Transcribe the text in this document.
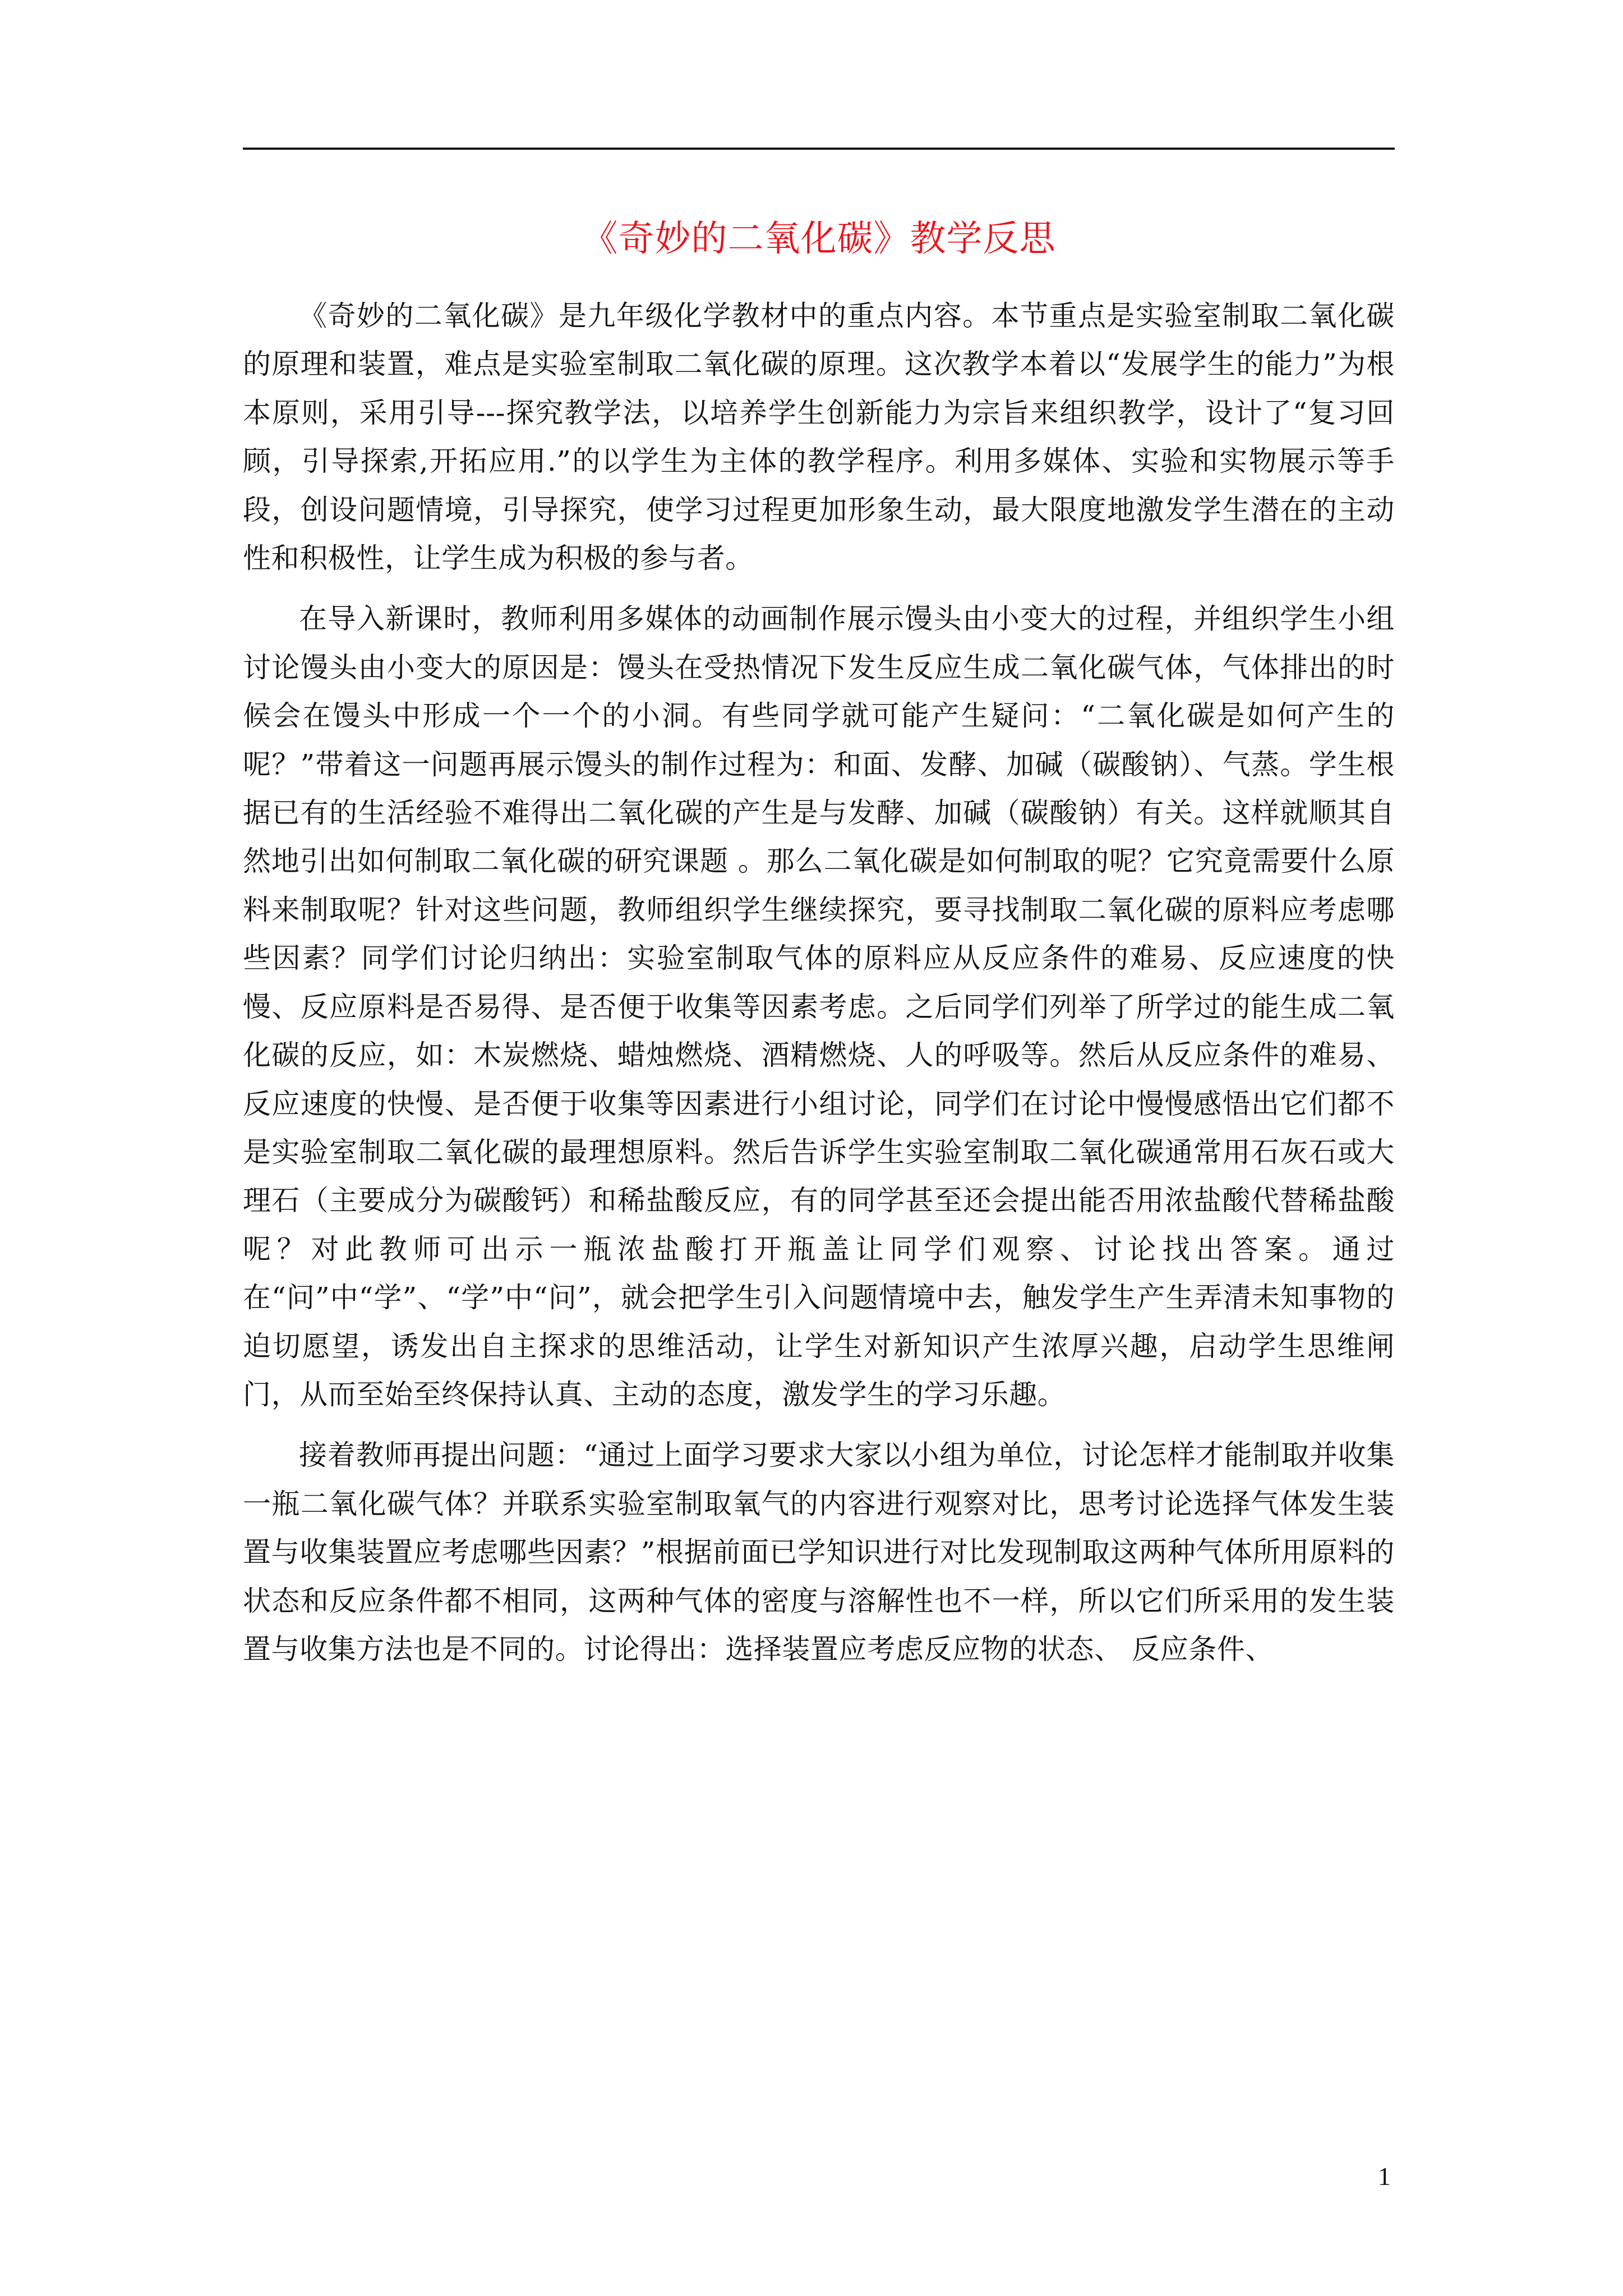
《奇妙的二氧化碳》教学反思

《奇妙的二氧化碳》是九年级化学教材中的重点内容。本节重点是实验室制取二氧化碳的原理和装置，难点是实验室制取二氧化碳的原理。这次教学本着以“发展学生的能力”为根本原则，采用引导---探究教学法，以培养学生创新能力为宗旨来组织教学，设计了“复习回顾，引导探索,开拓应用.”的以学生为主体的教学程序。利用多媒体、实验和实物展示等手段，创设问题情境，引导探究，使学习过程更加形象生动，最大限度地激发学生潜在的主动性和积极性，让学生成为积极的参与者。

在导入新课时，教师利用多媒体的动画制作展示馒头由小变大的过程，并组织学生小组讨论馒头由小变大的原因是：馒头在受热情况下发生反应生成二氧化碳气体，气体排出的时候会在馒头中形成一个一个的小洞。有些同学就可能产生疑问：“二氧化碳是如何产生的呢？”带着这一问题再展示馒头的制作过程为：和面、发酵、加碱（碳酸钠）、气蒸。学生根据已有的生活经验不难得出二氧化碳的产生是与发酵、加碱（碳酸钠）有关。这样就顺其自然地引出如何制取二氧化碳的研究课题 。那么二氧化碳是如何制取的呢？它究竟需要什么原料来制取呢？针对这些问题，教师组织学生继续探究，要寻找制取二氧化碳的原料应考虑哪些因素？同学们讨论归纳出：实验室制取气体的原料应从反应条件的难易、反应速度的快慢、反应原料是否易得、是否便于收集等因素考虑。之后同学们列举了所学过的能生成二氧化碳的反应，如：木炭燃烧、蜡烛燃烧、酒精燃烧、人的呼吸等。然后从反应条件的难易、反应速度的快慢、是否便于收集等因素进行小组讨论，同学们在讨论中慢慢感悟出它们都不是实验室制取二氧化碳的最理想原料。然后告诉学生实验室制取二氧化碳通常用石灰石或大理石（主要成分为碳酸钙）和稀盐酸反应，有的同学甚至还会提出能否用浓盐酸代替稀盐酸呢？对此教师可出示一瓶浓盐酸打开瓶盖让同学们观察、讨论找出答案。通过在“问”中“学”、“学”中“问”，就会把学生引入问题情境中去，触发学生产生弄清未知事物的迫切愿望，诱发出自主探求的思维活动，让学生对新知识产生浓厚兴趣，启动学生思维闸门，从而至始至终保持认真、主动的态度，激发学生的学习乐趣。

接着教师再提出问题：“通过上面学习要求大家以小组为单位，讨论怎样才能制取并收集一瓶二氧化碳气体？并联系实验室制取氧气的内容进行观察对比，思考讨论选择气体发生装置与收集装置应考虑哪些因素？”根据前面已学知识进行对比发现制取这两种气体所用原料的状态和反应条件都不相同，这两种气体的密度与溶解性也不一样，所以它们所采用的发生装置与收集方法也是不同的。讨论得出：选择装置应考虑反应物的状态、 反应条件、

1
